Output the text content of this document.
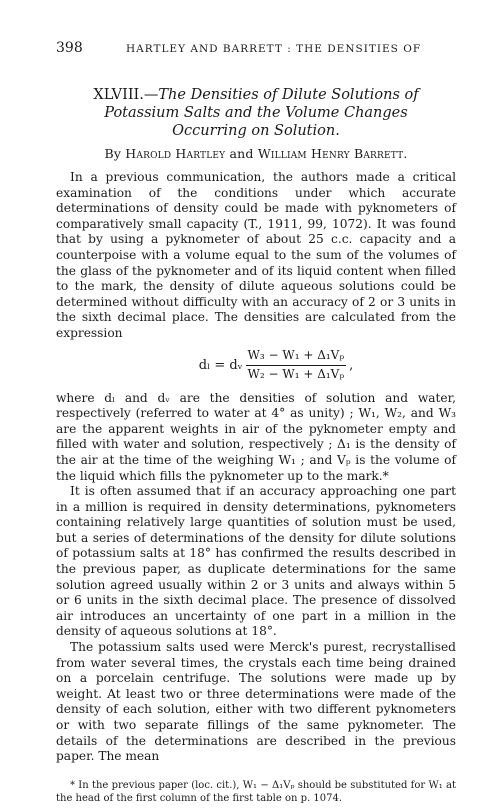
398	HARTLEY AND BARRETT : THE DENSITIES OF
XLVIII.—The Densities of Dilute Solutions of Potassium Salts and the Volume Changes Occurring on Solution.
By Harold Hartley and William Henry Barrett.

In a previous communication, the authors made a critical examination of the conditions under which accurate determinations of density could be made with pyknometers of comparatively small capacity (T., 1911, 99, 1072). It was found that by using a pyknometer of about 25 c.c. capacity and a counterpoise with a volume equal to the sum of the volumes of the glass of the pyknometer and of its liquid content when filled to the mark, the density of dilute aqueous solutions could be determined without difficulty with an accuracy of 2 or 3 units in the sixth decimal place. The densities are calculated from the expression

dₗ = dᵥ $\frac{\text{W₃ − W₁ + Δ₁Vₚ}}{\text{W₂ − W₁ + Δ₁Vₚ}}$ ,

where dₗ and dᵥ are the densities of solution and water, respectively (referred to water at 4° as unity) ; W₁, W₂, and W₃ are the apparent weights in air of the pyknometer empty and filled with water and solution, respectively ; Δ₁ is the density of the air at the time of the weighing W₁ ; and Vₚ is the volume of the liquid which fills the pyknometer up to the mark.*

It is often assumed that if an accuracy approaching one part in a million is required in density determinations, pyknometers containing relatively large quantities of solution must be used, but a series of determinations of the density for dilute solutions of potassium salts at 18° has confirmed the results described in the previous paper, as duplicate determinations for the same solution agreed usually within 2 or 3 units and always within 5 or 6 units in the sixth decimal place. The presence of dissolved air introduces an uncertainty of one part in a million in the density of aqueous solutions at 18°.

The potassium salts used were Merck's purest, recrystallised from water several times, the crystals each time being drained on a porcelain centrifuge. The solutions were made up by weight. At least two or three determinations were made of the density of each solution, either with two different pyknometers or with two separate fillings of the same pyknometer. The details of the determinations are described in the previous paper. The mean

* In the previous paper (loc. cit.), W₁ − Δ₁Vₚ should be substituted for W₁ at the head of the first column of the first table on p. 1074.
